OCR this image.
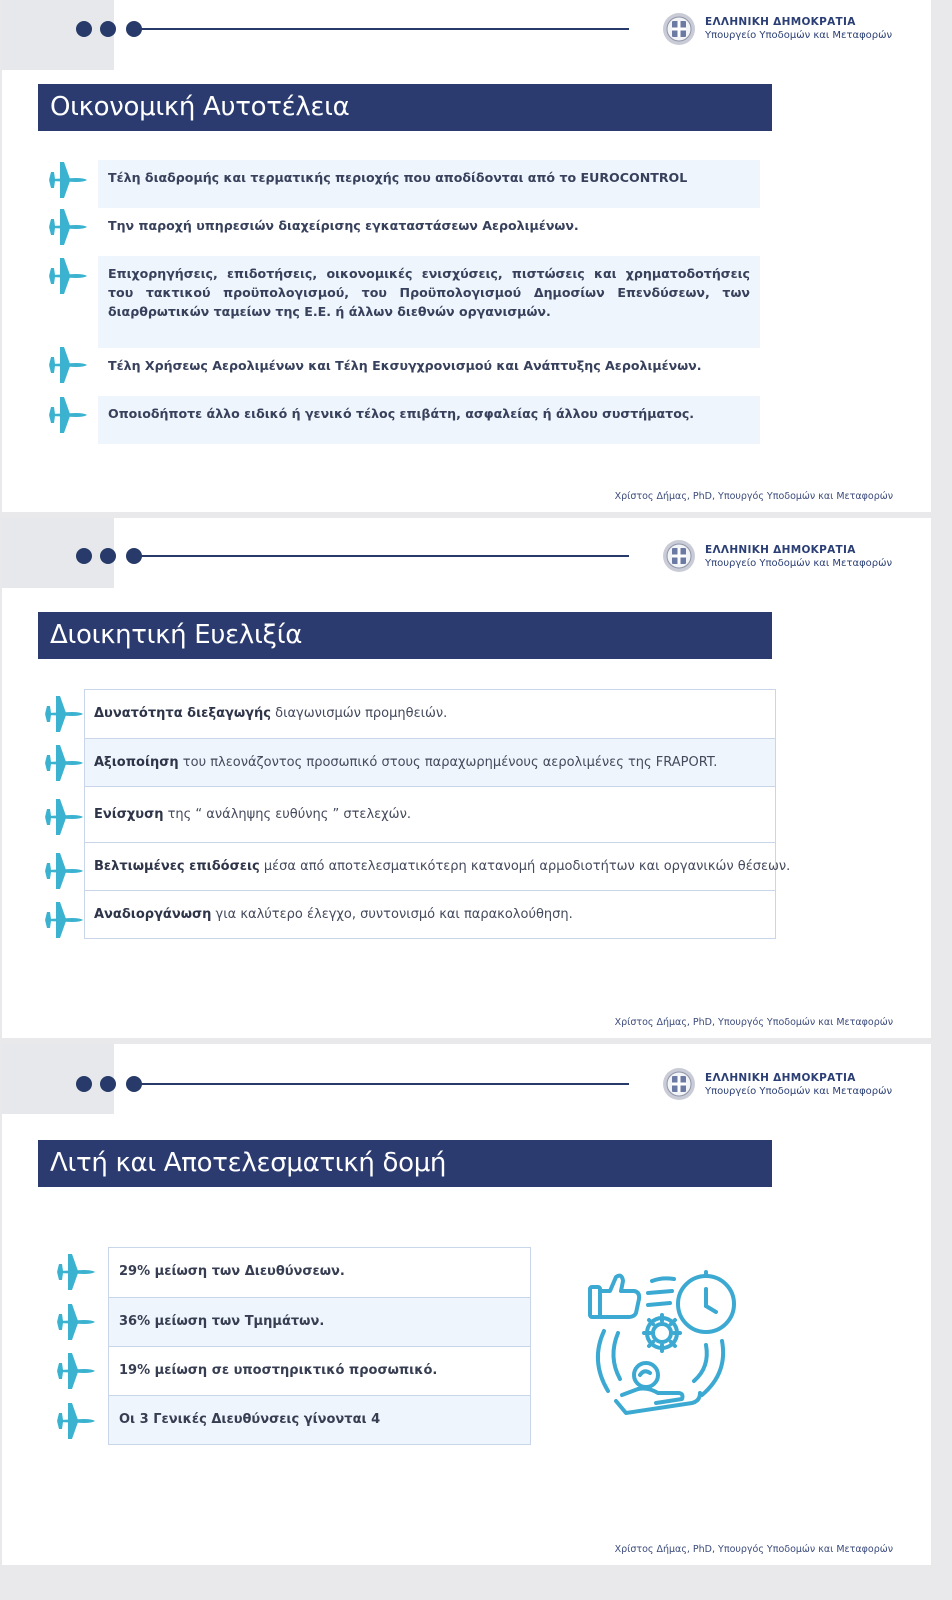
ΕΛΛΗΝΙΚΗ ΔΗΜΟΚΡΑΤΙΑ
Υπουργείο Υποδομών και Μεταφορών
Οικονομική Αυτοτέλεια
Τέλη διαδρομής και τερματικής περιοχής που αποδίδονται από το EUROCONTROL
Την παροχή υπηρεσιών διαχείρισης εγκαταστάσεων Αερολιμένων.
Επιχορηγήσεις, επιδοτήσεις, οικονομικές ενισχύσεις, πιστώσεις και χρηματοδοτήσεις του τακτικού προϋπολογισμού, του Προϋπολογισμού Δημοσίων Επενδύσεων, των διαρθρωτικών ταμείων της Ε.Ε. ή άλλων διεθνών οργανισμών.
Τέλη Χρήσεως Αερολιμένων και Τέλη Εκσυγχρονισμού και Ανάπτυξης Αερολιμένων.
Οποιοδήποτε άλλο ειδικό ή γενικό τέλος επιβάτη, ασφαλείας ή άλλου συστήματος.
Χρίστος Δήμας, PhD, Υπουργός Υποδομών και Μεταφορών
ΕΛΛΗΝΙΚΗ ΔΗΜΟΚΡΑΤΙΑ
Υπουργείο Υποδομών και Μεταφορών
Διοικητική Ευελιξία
Δυνατότητα διεξαγωγής διαγωνισμών προμηθειών.
Αξιοποίηση του πλεονάζοντος προσωπικό στους παραχωρημένους αερολιμένες της FRAPORT.
Ενίσχυση της “ ανάληψης ευθύνης ” στελεχών.
Βελτιωμένες επιδόσεις μέσα από αποτελεσματικότερη κατανομή αρμοδιοτήτων και οργανικών θέσεων.
Αναδιοργάνωση για καλύτερο έλεγχο, συντονισμό και παρακολούθηση.
Χρίστος Δήμας, PhD, Υπουργός Υποδομών και Μεταφορών
ΕΛΛΗΝΙΚΗ ΔΗΜΟΚΡΑΤΙΑ
Υπουργείο Υποδομών και Μεταφορών
Λιτή και Αποτελεσματική δομή
29% μείωση των Διευθύνσεων.
36% μείωση των Τμημάτων.
19% μείωση σε υποστηρικτικό προσωπικό.
Οι 3 Γενικές Διευθύνσεις γίνονται 4
Χρίστος Δήμας, PhD, Υπουργός Υποδομών και Μεταφορών
